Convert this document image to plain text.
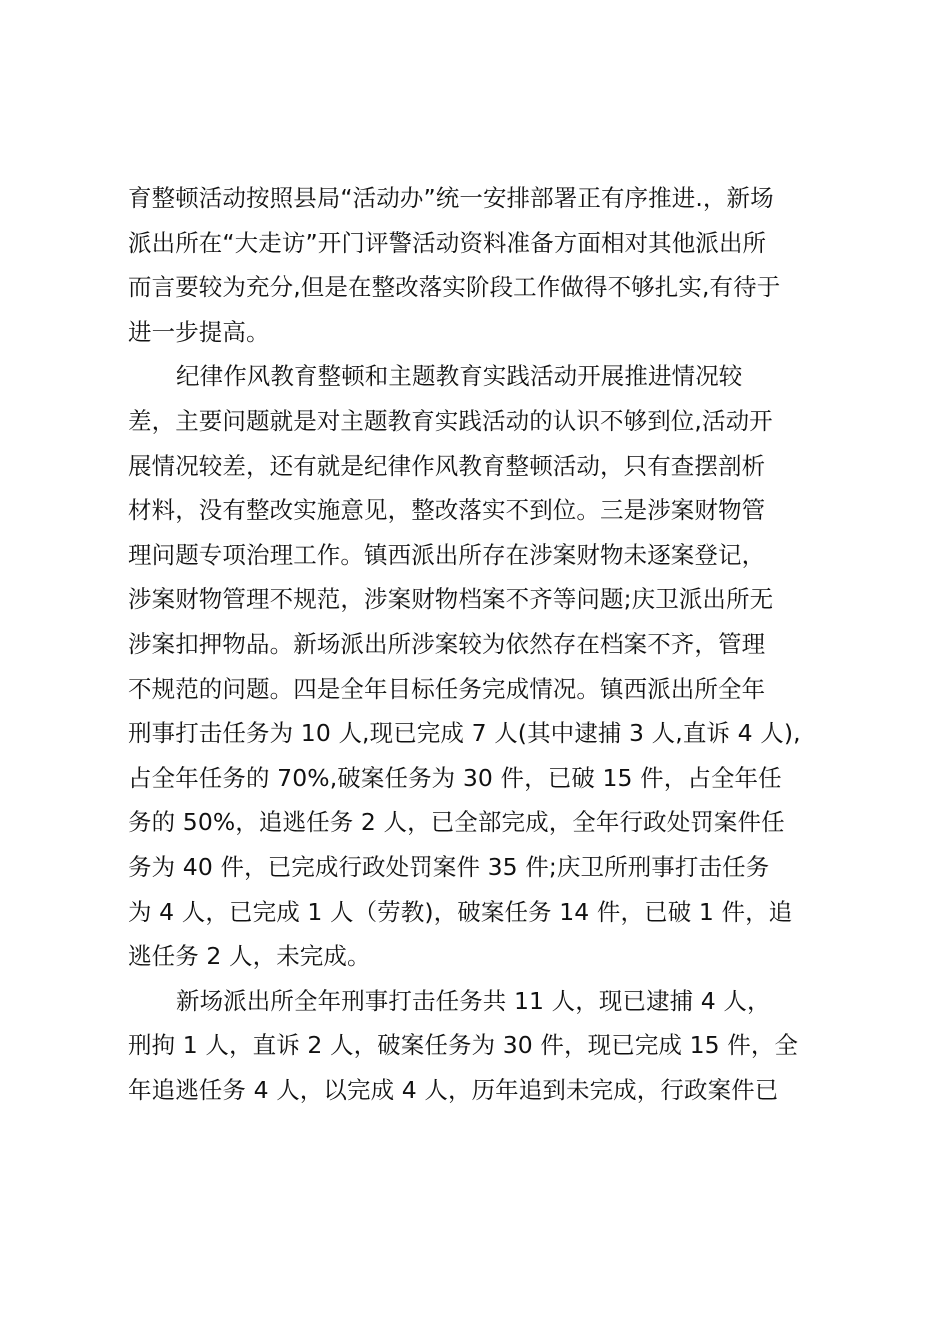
育整顿活动按照县局“活动办”统一安排部署正有序推进.，新场
派出所在“大走访”开门评警活动资料准备方面相对其他派出所
而言要较为充分,但是在整改落实阶段工作做得不够扎实,有待于
进一步提高。
纪律作风教育整顿和主题教育实践活动开展推进情况较
差，主要问题就是对主题教育实践活动的认识不够到位,活动开
展情况较差，还有就是纪律作风教育整顿活动，只有查摆剖析
材料，没有整改实施意见，整改落实不到位。三是涉案财物管
理问题专项治理工作。镇西派出所存在涉案财物未逐案登记，
涉案财物管理不规范，涉案财物档案不齐等问题;庆卫派出所无
涉案扣押物品。新场派出所涉案较为依然存在档案不齐，管理
不规范的问题。四是全年目标任务完成情况。镇西派出所全年
刑事打击任务为 10 人,现已完成 7 人(其中逮捕 3 人,直诉 4 人),
占全年任务的 70%,破案任务为 30 件，已破 15 件，占全年任
务的 50%，追逃任务 2 人，已全部完成，全年行政处罚案件任
务为 40 件，已完成行政处罚案件 35 件;庆卫所刑事打击任务
为 4 人，已完成 1 人（劳教)，破案任务 14 件，已破 1 件，追
逃任务 2 人，未完成。
新场派出所全年刑事打击任务共 11 人，现已逮捕 4 人，
刑拘 1 人，直诉 2 人，破案任务为 30 件，现已完成 15 件，全
年追逃任务 4 人，以完成 4 人，历年追到未完成，行政案件已
